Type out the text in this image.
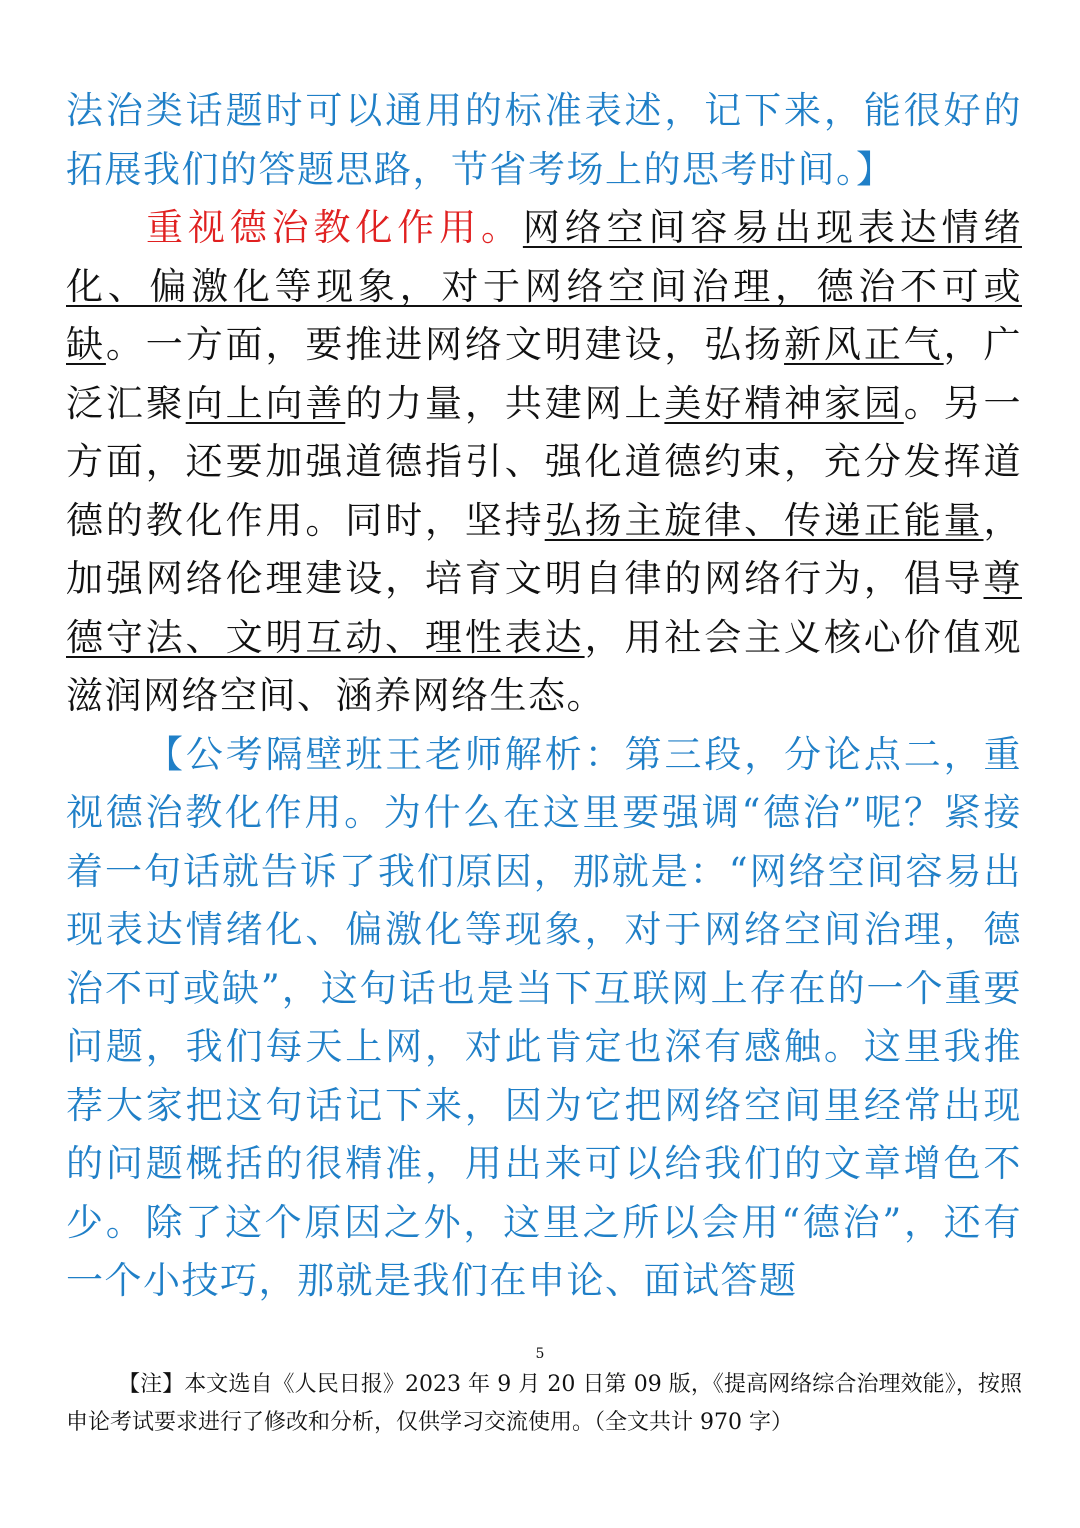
法治类话题时可以通用的标准表述，记下来，能很好的拓展我们的答题思路，节省考场上的思考时间。】

重视德治教化作用。网络空间容易出现表达情绪化、偏激化等现象，对于网络空间治理，德治不可或缺。一方面，要推进网络文明建设，弘扬新风正气，广泛汇聚向上向善的力量，共建网上美好精神家园。另一方面，还要加强道德指引、强化道德约束，充分发挥道德的教化作用。同时，坚持弘扬主旋律、传递正能量，加强网络伦理建设，培育文明自律的网络行为，倡导尊德守法、文明互动、理性表达，用社会主义核心价值观滋润网络空间、涵养网络生态。

【公考隔壁班王老师解析：第三段，分论点二，重视德治教化作用。为什么在这里要强调“德治”呢？紧接着一句话就告诉了我们原因，那就是：“网络空间容易出现表达情绪化、偏激化等现象，对于网络空间治理，德治不可或缺”，这句话也是当下互联网上存在的一个重要问题，我们每天上网，对此肯定也深有感触。这里我推荐大家把这句话记下来，因为它把网络空间里经常出现的问题概括的很精准，用出来可以给我们的文章增色不少。除了这个原因之外，这里之所以会用“德治”，还有一个小技巧，那就是我们在申论、面试答题

5

【注】本文选自《人民日报》2023 年 9 月 20 日第 09 版，《提高网络综合治理效能》，按照申论考试要求进行了修改和分析，仅供学习交流使用。（全文共计 970 字）
